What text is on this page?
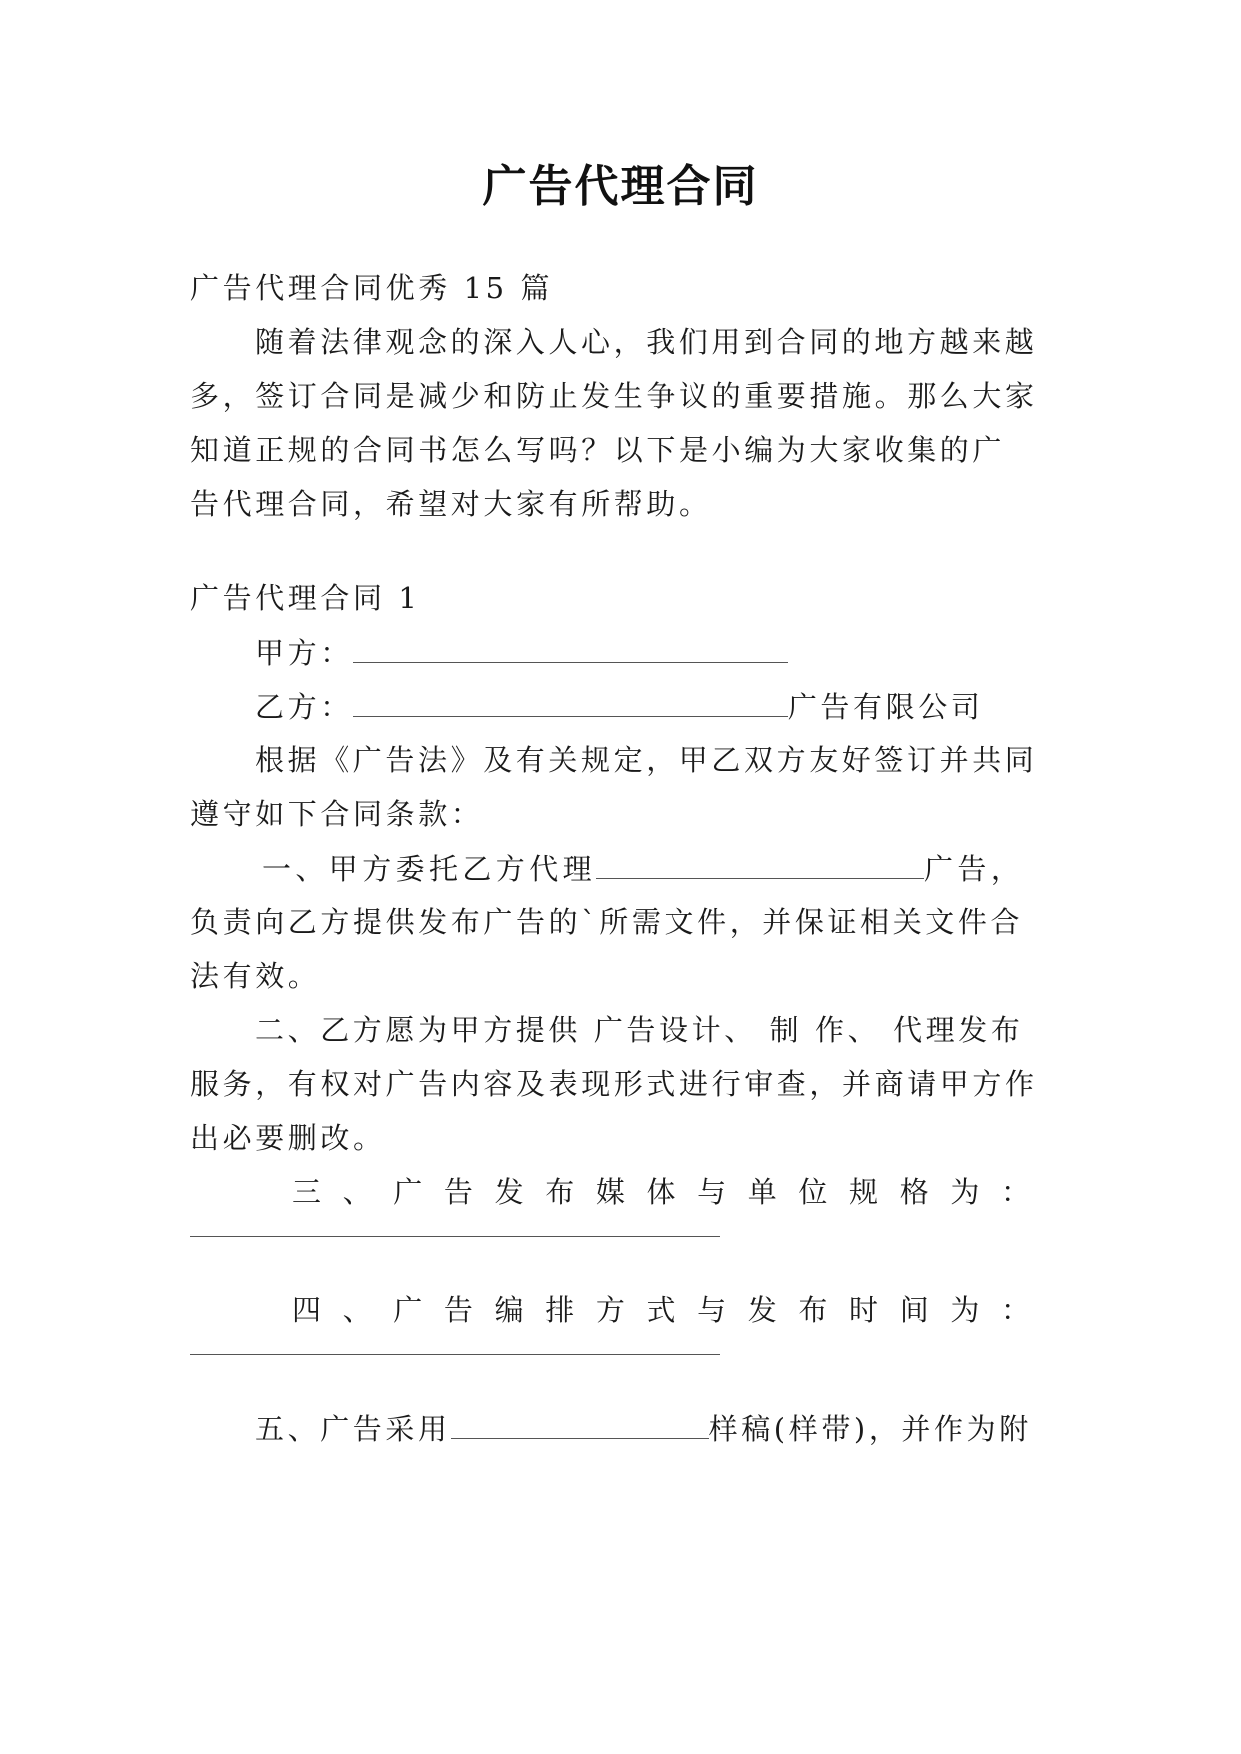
广告代理合同
广告代理合同优秀 15 篇
随着法律观念的深入人心，我们用到合同的地方越来越
多，签订合同是减少和防止发生争议的重要措施。那么大家
知道正规的合同书怎么写吗？以下是小编为大家收集的广
告代理合同，希望对大家有所帮助。
广告代理合同 1
甲方：
乙方：	广告有限公司
根据《广告法》及有关规定，甲乙双方友好签订并共同
遵守如下合同条款：
一、甲方委托乙方代理	广告，
负责向乙方提供发布广告的`所需文件，并保证相关文件合
法有效。
二、乙方愿为甲方提供 广告设计、 制 作、 代理发布
服务，有权对广告内容及表现形式进行审查，并商请甲方作
出必要删改。
三 、 广 告 发 布 媒 体 与 单 位 规 格 为 ：
四 、 广 告 编 排 方 式 与 发 布 时 间 为 ：
五、广告采用	样稿(样带)，并作为附
